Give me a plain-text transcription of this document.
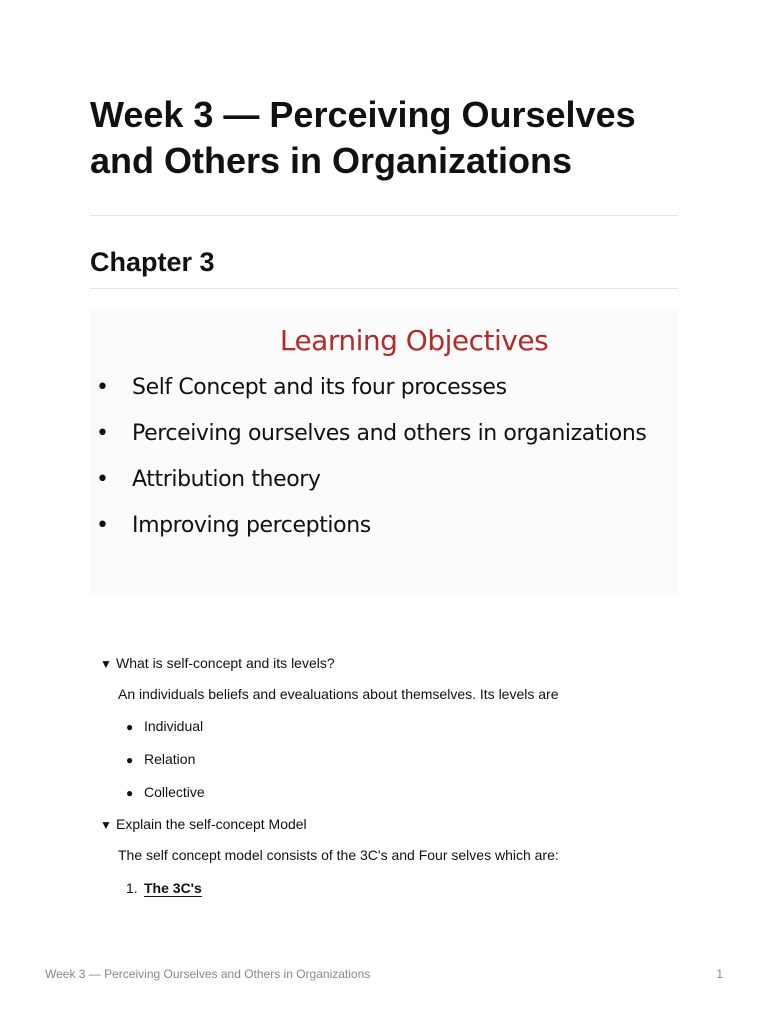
Week 3 — Perceiving Ourselves and Others in Organizations
Chapter 3
Learning Objectives
• Self Concept and its four processes
• Perceiving ourselves and others in organizations
• Attribution theory
• Improving perceptions
▼ What is self-concept and its levels?
An individuals beliefs and evealuations about themselves. Its levels are
● Individual
● Relation
● Collective
▼ Explain the self-concept Model
The self concept model consists of the 3C's and Four selves which are:
1. The 3C's
Week 3 — Perceiving Ourselves and Others in Organizations	1
